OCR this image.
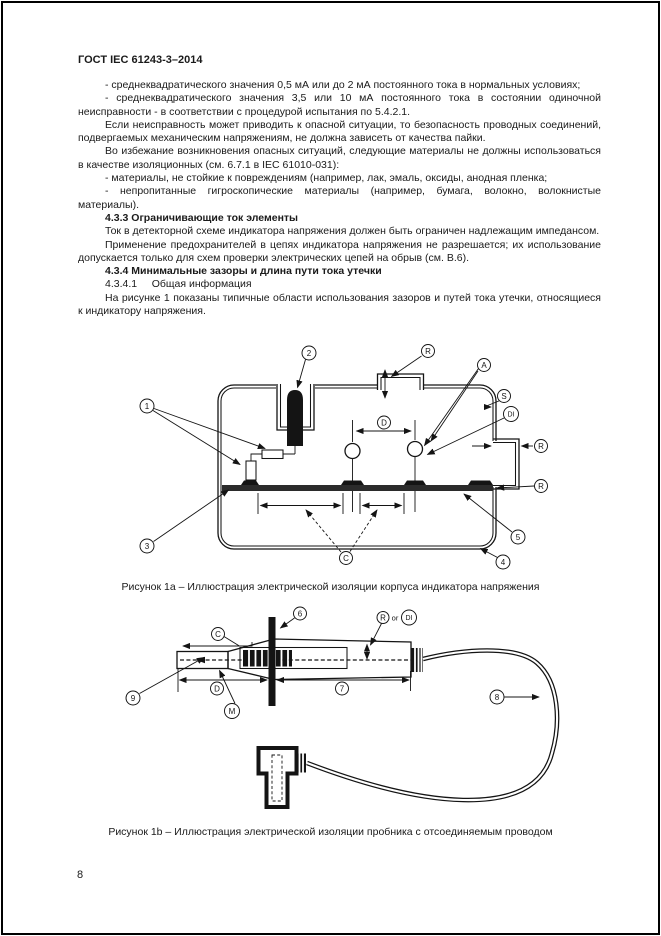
ГОСТ IEC 61243-3–2014

- среднеквадратического значения 0,5 мА или до 2 мА постоянного тока в нормальных условиях;

- среднеквадратического значения 3,5 или 10 мА постоянного тока в состоянии одиночной неисправности - в соответствии с процедурой испытания по 5.4.2.1.

Если неисправность может приводить к опасной ситуации, то безопасность проводных соединений, подвергаемых механическим напряжениям, не должна зависеть от качества пайки.

Во избежание возникновения опасных ситуаций, следующие материалы не должны использоваться в качестве изоляционных (см. 6.7.1 в IEC 61010-031):

- материалы, не стойкие к повреждениям (например, лак, эмаль, оксиды, анодная пленка;

- непропитанные гигроскопические материалы (например, бумага, волокно, волокнистые материалы).

4.3.3 Ограничивающие ток элементы

Ток в детекторной схеме индикатора напряжения должен быть ограничен надлежащим импедансом.

Применение предохранителей в цепях индикатора напряжения не разрешается; их использование допускается только для схем проверки электрических цепей на обрыв (см. В.6).

4.3.4 Минимальные зазоры и длина пути тока утечки

4.3.4.1     Общая информация

На рисунке 1 показаны типичные области использования зазоров и путей тока утечки, относящиеся к индикатору напряжения.

1
2
3
4
5
R
A
S
DI
D
C
R
R
Рисунок 1а – Иллюстрация электрической изоляции корпуса индикатора напряжения
6
C
R or DI
9
D
M
7
8
Рисунок 1b – Иллюстрация электрической изоляции пробника с отсоединяемым проводом
8
